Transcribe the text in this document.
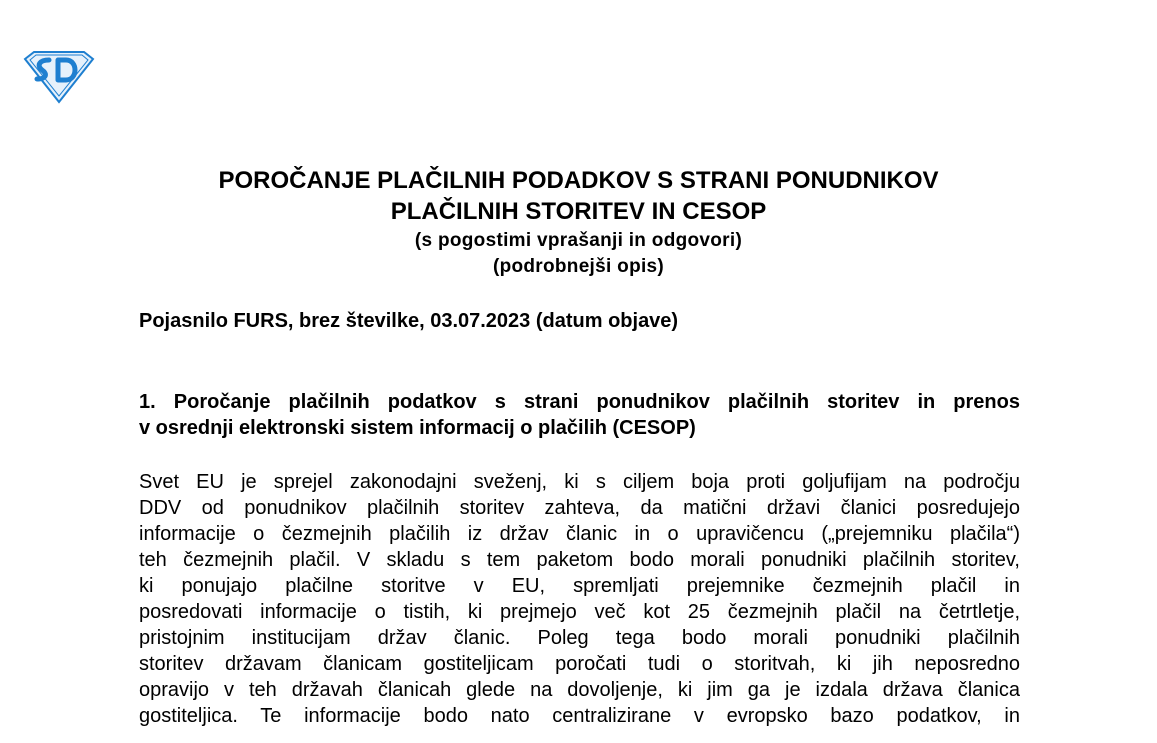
POROČANJE PLAČILNIH PODADKOV S STRANI PONUDNIKOV
PLAČILNIH STORITEV IN CESOP
(s pogostimi vprašanji in odgovori)
(podrobnejši opis)
Pojasnilo FURS, brez številke, 03.07.2023 (datum objave)
1. Poročanje plačilnih podatkov s strani ponudnikov plačilnih storitev in prenos
v osrednji elektronski sistem informacij o plačilih (CESOP)
Svet EU je sprejel zakonodajni sveženj, ki s ciljem boja proti goljufijam na področju
DDV od ponudnikov plačilnih storitev zahteva, da matični državi članici posredujejo
informacije o čezmejnih plačilih iz držav članic in o upravičencu („prejemniku plačila“)
teh čezmejnih plačil. V skladu s tem paketom bodo morali ponudniki plačilnih storitev,
ki ponujajo plačilne storitve v EU, spremljati prejemnike čezmejnih plačil in
posredovati informacije o tistih, ki prejmejo več kot 25 čezmejnih plačil na četrtletje,
pristojnim institucijam držav članic. Poleg tega bodo morali ponudniki plačilnih
storitev državam članicam gostiteljicam poročati tudi o storitvah, ki jih neposredno
opravijo v teh državah članicah glede na dovoljenje, ki jim ga je izdala država članica
gostiteljica. Te informacije bodo nato centralizirane v evropsko bazo podatkov, in
